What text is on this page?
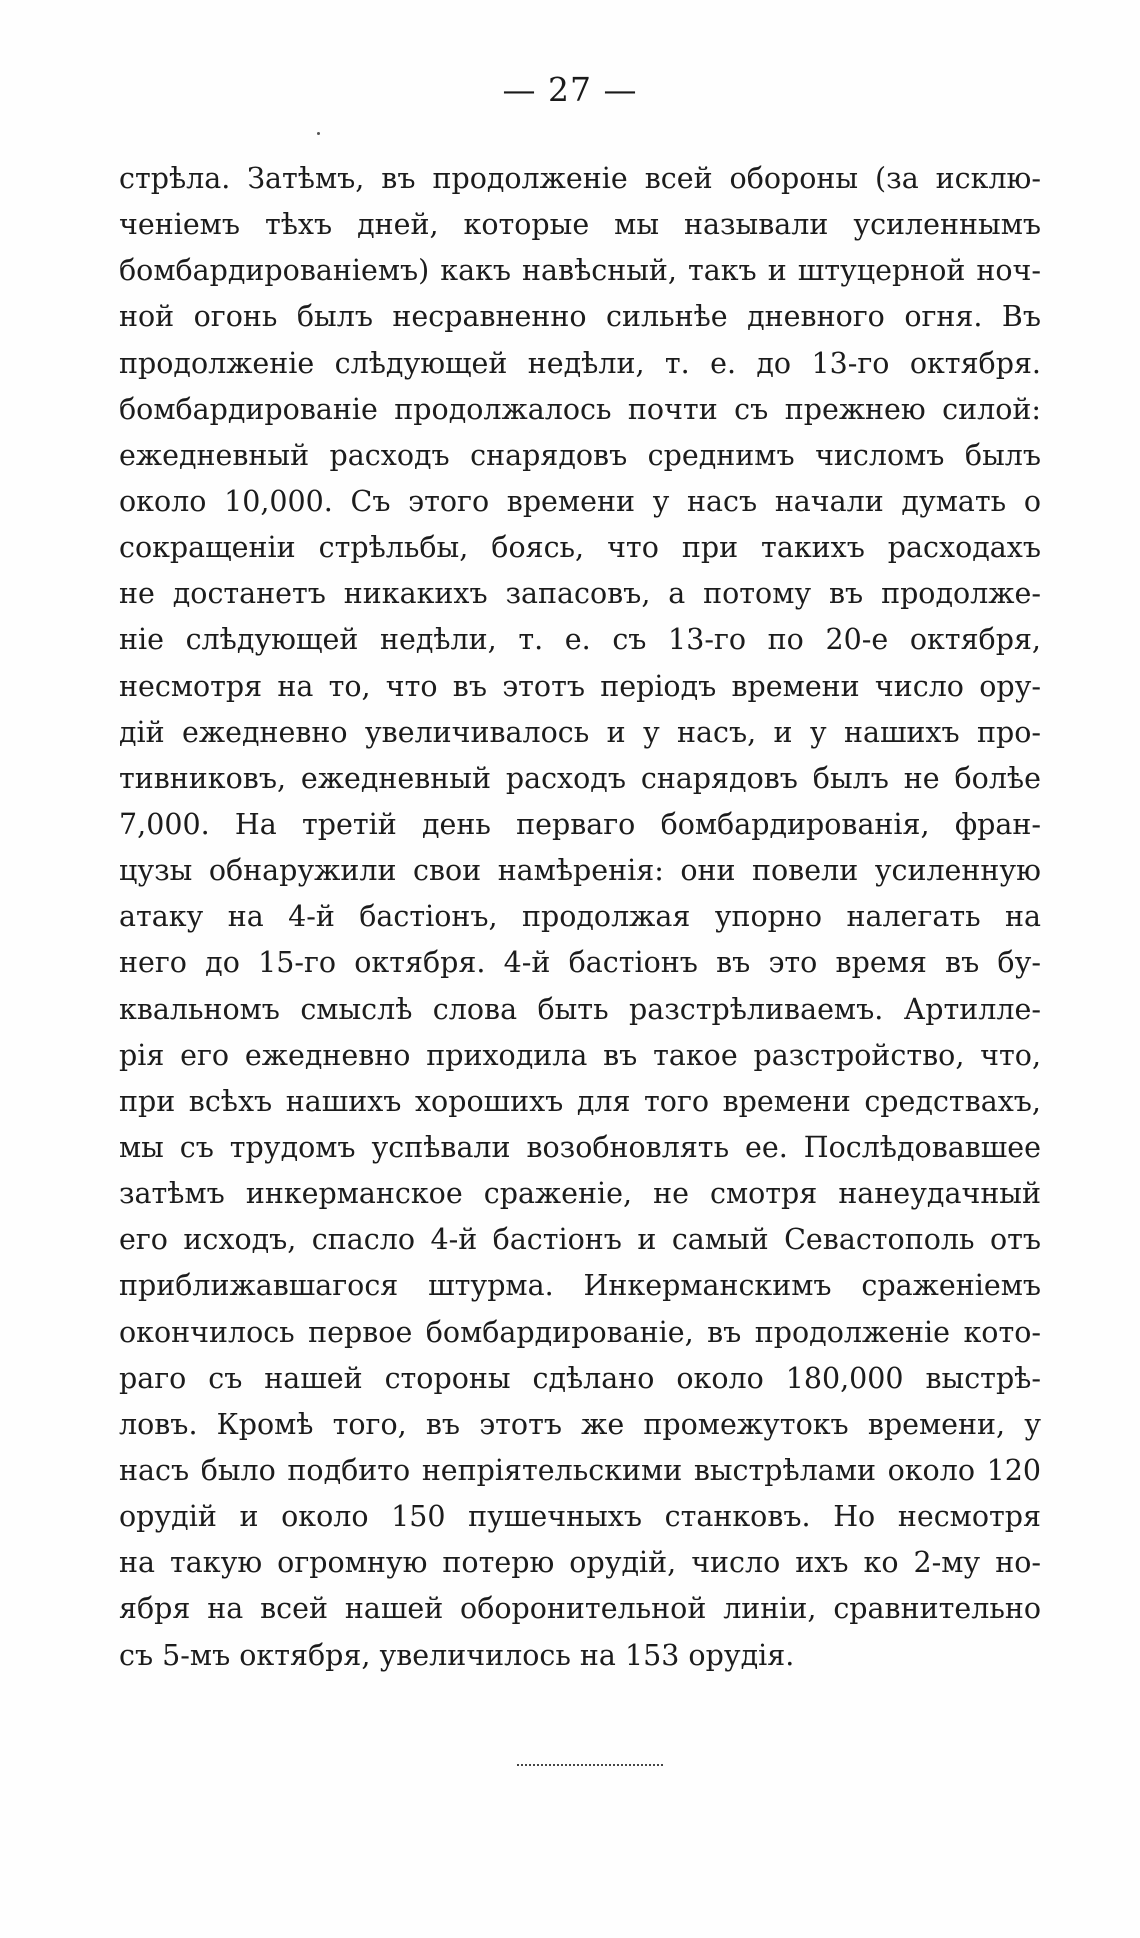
— 27 —
стрѣла. Затѣмъ, въ продолженіе всей обороны (за исклю-
ченіемъ тѣхъ дней, которые мы называли усиленнымъ
бомбардированіемъ) какъ навѣсный, такъ и штуцерной ноч-
ной огонь былъ несравненно сильнѣе дневного огня. Въ
продолженіе слѣдующей недѣли, т. е. до 13-го октября.
бомбардированіе продолжалось почти съ прежнею силой:
ежедневный расходъ снарядовъ среднимъ числомъ былъ
около 10,000. Съ этого времени у насъ начали думать о
сокращеніи стрѣльбы, боясь, что при такихъ расходахъ
не достанетъ никакихъ запасовъ, а потому въ продолже-
ніе слѣдующей недѣли, т. е. съ 13-го по 20-е октября,
несмотря на то, что въ этотъ періодъ времени число ору-
дій ежедневно увеличивалось и у насъ, и у нашихъ про-
тивниковъ, ежедневный расходъ снарядовъ былъ не болѣе
7,000. На третій день перваго бомбардированія, фран-
цузы обнаружили свои намѣренія: они повели усиленную
атаку на 4-й бастіонъ, продолжая упорно налегать на
него до 15-го октября. 4-й бастіонъ въ это время въ бу-
квальномъ смыслѣ слова быть разстрѣливаемъ. Артилле-
рія его ежедневно приходила въ такое разстройство, что,
при всѣхъ нашихъ хорошихъ для того времени средствахъ,
мы съ трудомъ успѣвали возобновлять ее. Послѣдовавшее
затѣмъ инкерманское сраженіе, не смотря нанеудачный
его исходъ, спасло 4-й бастіонъ и самый Севастополь отъ
приближавшагося штурма. Инкерманскимъ сраженіемъ
окончилось первое бомбардированіе, въ продолженіе кото-
раго съ нашей стороны сдѣлано около 180,000 выстрѣ-
ловъ. Кромѣ того, въ этотъ же промежутокъ времени, у
насъ было подбито непріятельскими выстрѣлами около 120
орудій и около 150 пушечныхъ станковъ. Но несмотря
на такую огромную потерю орудій, число ихъ ко 2-му но-
ября на всей нашей оборонительной линіи, сравнительно
съ 5-мъ октября, увеличилось на 153 орудія.
